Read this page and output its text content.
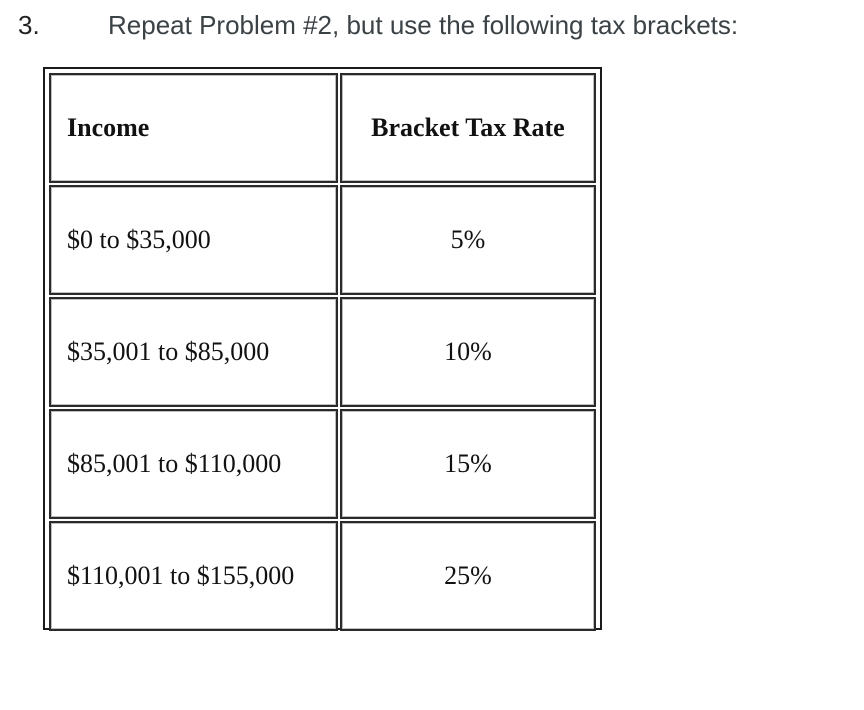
3.	Repeat Problem #2, but use the following tax brackets:
Income	Bracket Tax Rate
$0 to $35,000	5%
$35,001 to $85,000	10%
$85,001 to $110,000	15%
$110,001 to $155,000	25%
